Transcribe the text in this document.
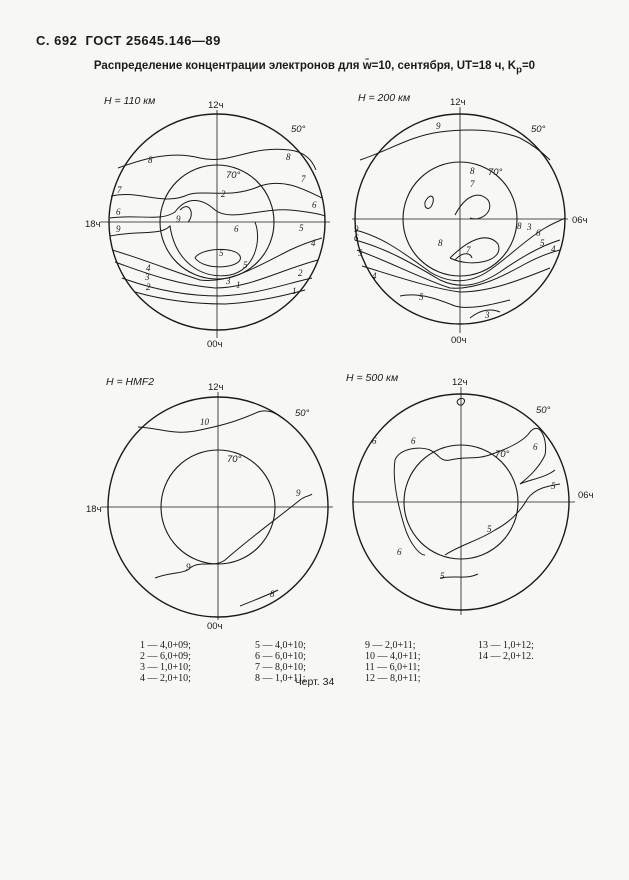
С. 692 ГОСТ 25645.146—89
Распределение концентрации электронов для w̄=10, сентября, UT=18 ч, $K_p=0$
8	8
7
7
6
6
5
9
9
4
5
4
3
2
2
1
6
5
3 1
2
9
8
8
7
7
8
9
6
5
4
3
5
4
6
5
3
10
9
9
8
6	6
6
5
5
6
5
H = 110 км	12ч
00ч
18ч
50°
70°
H = 200 км	12ч
00ч
06ч
50°
70°
H = HMF2	12ч
00ч
18ч
50°
70°
H = 500 км	12ч
06ч
50°
70°
1 — 4,0+09;
2 — 6,0+09;
3 — 1,0+10;
4 — 2,0+10;
5 — 4,0+10;
6 — 6,0+10;
7 — 8,0+10;
8 — 1,0+11;
9 — 2,0+11;
10 — 4,0+11;
11 — 6,0+11;
12 — 8,0+11;
13 — 1,0+12;
14 — 2,0+12.
Черт. 34
